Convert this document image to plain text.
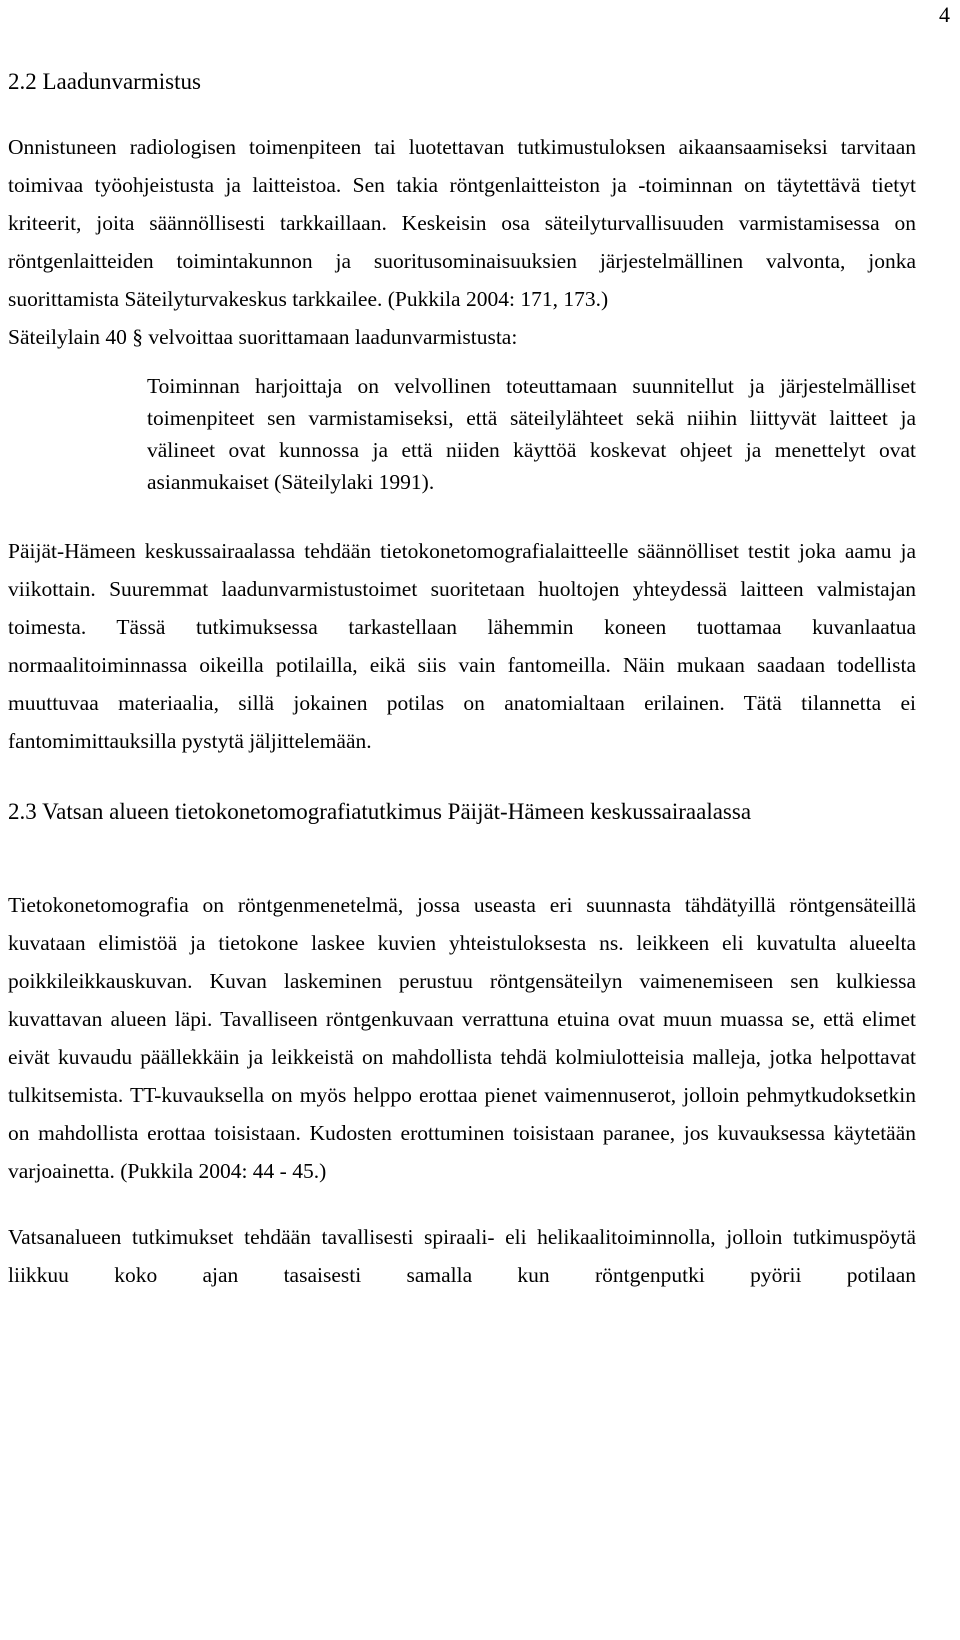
4
2.2 Laadunvarmistus

Onnistuneen radiologisen toimenpiteen tai luotettavan tutkimustuloksen aikaansaamiseksi tarvitaan toimivaa työohjeistusta ja laitteistoa. Sen takia röntgenlaitteiston ja -toiminnan on täytettävä tietyt kriteerit, joita säännöllisesti tarkkaillaan. Keskeisin osa säteilyturvallisuuden varmistamisessa on röntgenlaitteiden toimintakunnon ja suoritusominaisuuksien järjestelmällinen valvonta, jonka suorittamista Säteilyturvakeskus tarkkailee. (Pukkila 2004: 171, 173.)

Säteilylain 40 § velvoittaa suorittamaan laadunvarmistusta:

Toiminnan harjoittaja on velvollinen toteuttamaan suunnitellut ja järjestelmälliset toimenpiteet sen varmistamiseksi, että säteilylähteet sekä niihin liittyvät laitteet ja välineet ovat kunnossa ja että niiden käyttöä koskevat ohjeet ja menettelyt ovat asianmukaiset (Säteilylaki 1991).

Päijät-Hämeen keskussairaalassa tehdään tietokonetomografialaitteelle säännölliset testit joka aamu ja viikottain. Suuremmat laadunvarmistustoimet suoritetaan huoltojen yhteydessä laitteen valmistajan toimesta. Tässä tutkimuksessa tarkastellaan lähemmin koneen tuottamaa kuvanlaatua normaalitoiminnassa oikeilla potilailla, eikä siis vain fantomeilla. Näin mukaan saadaan todellista muuttuvaa materiaalia, sillä jokainen potilas on anatomialtaan erilainen. Tätä tilannetta ei fantomimittauksilla pystytä jäljittelemään.

2.3 Vatsan alueen tietokonetomografiatutkimus Päijät-Hämeen keskussairaalassa

Tietokonetomografia on röntgenmenetelmä, jossa useasta eri suunnasta tähdätyillä röntgensäteillä kuvataan elimistöä ja tietokone laskee kuvien yhteistuloksesta ns. leikkeen eli kuvatulta alueelta poikkileikkauskuvan. Kuvan laskeminen perustuu röntgensäteilyn vaimenemiseen sen kulkiessa kuvattavan alueen läpi. Tavalliseen röntgenkuvaan verrattuna etuina ovat muun muassa se, että elimet eivät kuvaudu päällekkäin ja leikkeistä on mahdollista tehdä kolmiulotteisia malleja, jotka helpottavat tulkitsemista. TT-kuvauksella on myös helppo erottaa pienet vaimennuserot, jolloin pehmytkudoksetkin on mahdollista erottaa toisistaan. Kudosten erottuminen toisistaan paranee, jos kuvauksessa käytetään varjoainetta. (Pukkila 2004: 44 - 45.)

Vatsanalueen tutkimukset tehdään tavallisesti spiraali- eli helikaalitoiminnolla, jolloin tutkimuspöytä liikkuu koko ajan tasaisesti samalla kun röntgenputki pyörii potilaan
